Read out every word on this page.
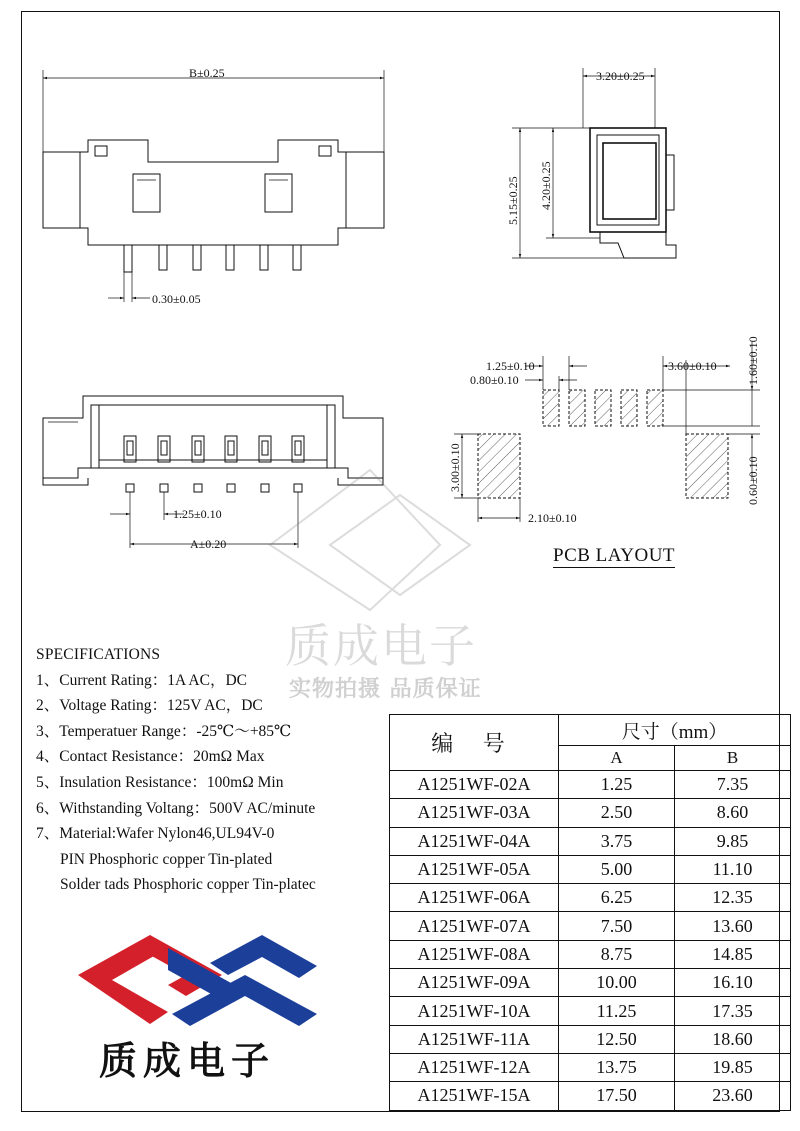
B±0.25
0.30±0.05
3.20±0.25
5.15±0.25 4.20±0.25
1.25±0.10
A±0.20
1.25±0.10
0.80±0.10
3.60±0.10 1.60±0.10
0.60±0.10
3.00±0.10
2.10±0.10
质成电子
实物拍摄 品质保证
PCB LAYOUT
SPECIFICATIONS
1、Current Rating：1A AC，DC
2、Voltage Rating：125V AC，DC
3、Temperatuer Range：-25℃～+85℃
4、Contact Resistance：20mΩ Max
5、Insulation Resistance：100mΩ Min
6、Withstanding Voltang：500V AC/minute
7、Material:Wafer Nylon46,UL94V-0
PIN Phosphoric copper Tin-plated
Solder tads Phosphoric copper Tin-platec
质成电子
编 号	尺寸（mm）	
	A	B
A1251WF-02A	1.25	7.35
A1251WF-03A	2.50	8.60
A1251WF-04A	3.75	9.85
A1251WF-05A	5.00	11.10
A1251WF-06A	6.25	12.35
A1251WF-07A	7.50	13.60
A1251WF-08A	8.75	14.85
A1251WF-09A	10.00	16.10
A1251WF-10A	11.25	17.35
A1251WF-11A	12.50	18.60
A1251WF-12A	13.75	19.85
A1251WF-15A	17.50	23.60
